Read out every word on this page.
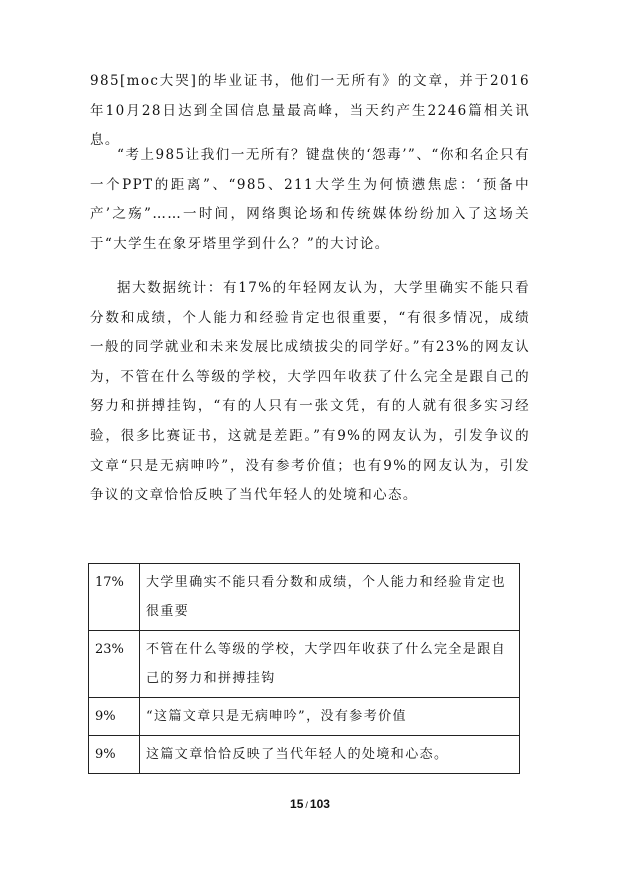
985[moc大哭]的毕业证书，他们一无所有》的文章，并于2016年10月28日达到全国信息量最高峰，当天约产生2246篇相关讯息。

“考上985让我们一无所有？键盘侠的‘怨毒’”、“你和名企只有一个PPT的距离”、“985、211大学生为何愤懑焦虑：‘预备中产’之殇”……一时间，网络舆论场和传统媒体纷纷加入了这场关于“大学生在象牙塔里学到什么？”的大讨论。

据大数据统计：有17%的年轻网友认为，大学里确实不能只看分数和成绩，个人能力和经验肯定也很重要，“有很多情况，成绩一般的同学就业和未来发展比成绩拔尖的同学好。”有23%的网友认为，不管在什么等级的学校，大学四年收获了什么完全是跟自己的努力和拼搏挂钩，“有的人只有一张文凭，有的人就有很多实习经验，很多比赛证书，这就是差距。”有9%的网友认为，引发争议的文章“只是无病呻吟”，没有参考价值；也有9%的网友认为，引发争议的文章恰恰反映了当代年轻人的处境和心态。

17%	大学里确实不能只看分数和成绩，个人能力和经验肯定也很重要
23%	不管在什么等级的学校，大学四年收获了什么完全是跟自己的努力和拼搏挂钩
9%	“这篇文章只是无病呻吟”，没有参考价值
9%	这篇文章恰恰反映了当代年轻人的处境和心态。
15 / 103
